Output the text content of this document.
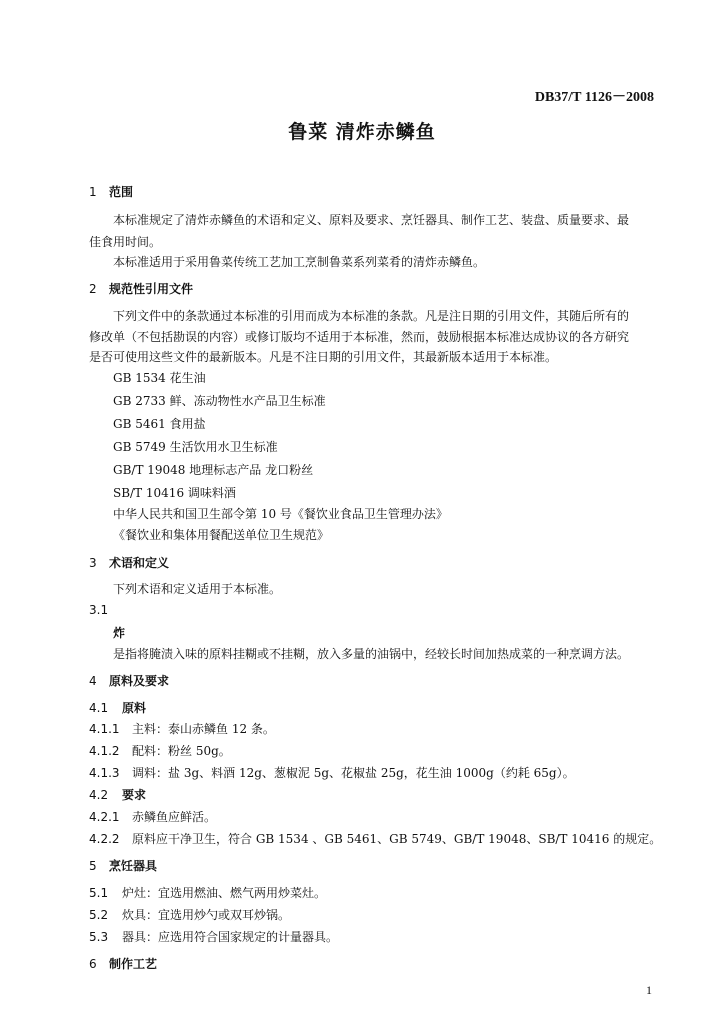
DB37/T 1126－2008
鲁菜 清炸赤鳞鱼
1 范围
本标准规定了清炸赤鳞鱼的术语和定义、原料及要求、烹饪器具、制作工艺、装盘、质量要求、最
佳食用时间。
本标准适用于采用鲁菜传统工艺加工烹制鲁菜系列菜肴的清炸赤鳞鱼。
2 规范性引用文件
下列文件中的条款通过本标准的引用而成为本标准的条款。凡是注日期的引用文件，其随后所有的
修改单（不包括勘误的内容）或修订版均不适用于本标准，然而，鼓励根据本标准达成协议的各方研究
是否可使用这些文件的最新版本。凡是不注日期的引用文件，其最新版本适用于本标准。
GB 1534 花生油
GB 2733 鲜、冻动物性水产品卫生标准
GB 5461 食用盐
GB 5749 生活饮用水卫生标准
GB/T 19048 地理标志产品 龙口粉丝
SB/T 10416 调味料酒
中华人民共和国卫生部令第 10 号《餐饮业食品卫生管理办法》
《餐饮业和集体用餐配送单位卫生规范》
3 术语和定义
下列术语和定义适用于本标准。
3.1
炸
是指将腌渍入味的原料挂糊或不挂糊，放入多量的油锅中，经较长时间加热成菜的一种烹调方法。
4 原料及要求
4.1 原料
4.1.1 主料：泰山赤鳞鱼 12 条。
4.1.2 配料：粉丝 50g。
4.1.3 调料：盐 3g、料酒 12g、葱椒泥 5g、花椒盐 25g，花生油 1000g（约耗 65g）。
4.2 要求
4.2.1 赤鳞鱼应鲜活。
4.2.2 原料应干净卫生，符合 GB 1534 、GB 5461、GB 5749、GB/T 19048、SB/T 10416 的规定。
5 烹饪器具
5.1 炉灶：宜选用燃油、燃气两用炒菜灶。
5.2 炊具：宜选用炒勺或双耳炒锅。
5.3 器具：应选用符合国家规定的计量器具。
6 制作工艺
1
